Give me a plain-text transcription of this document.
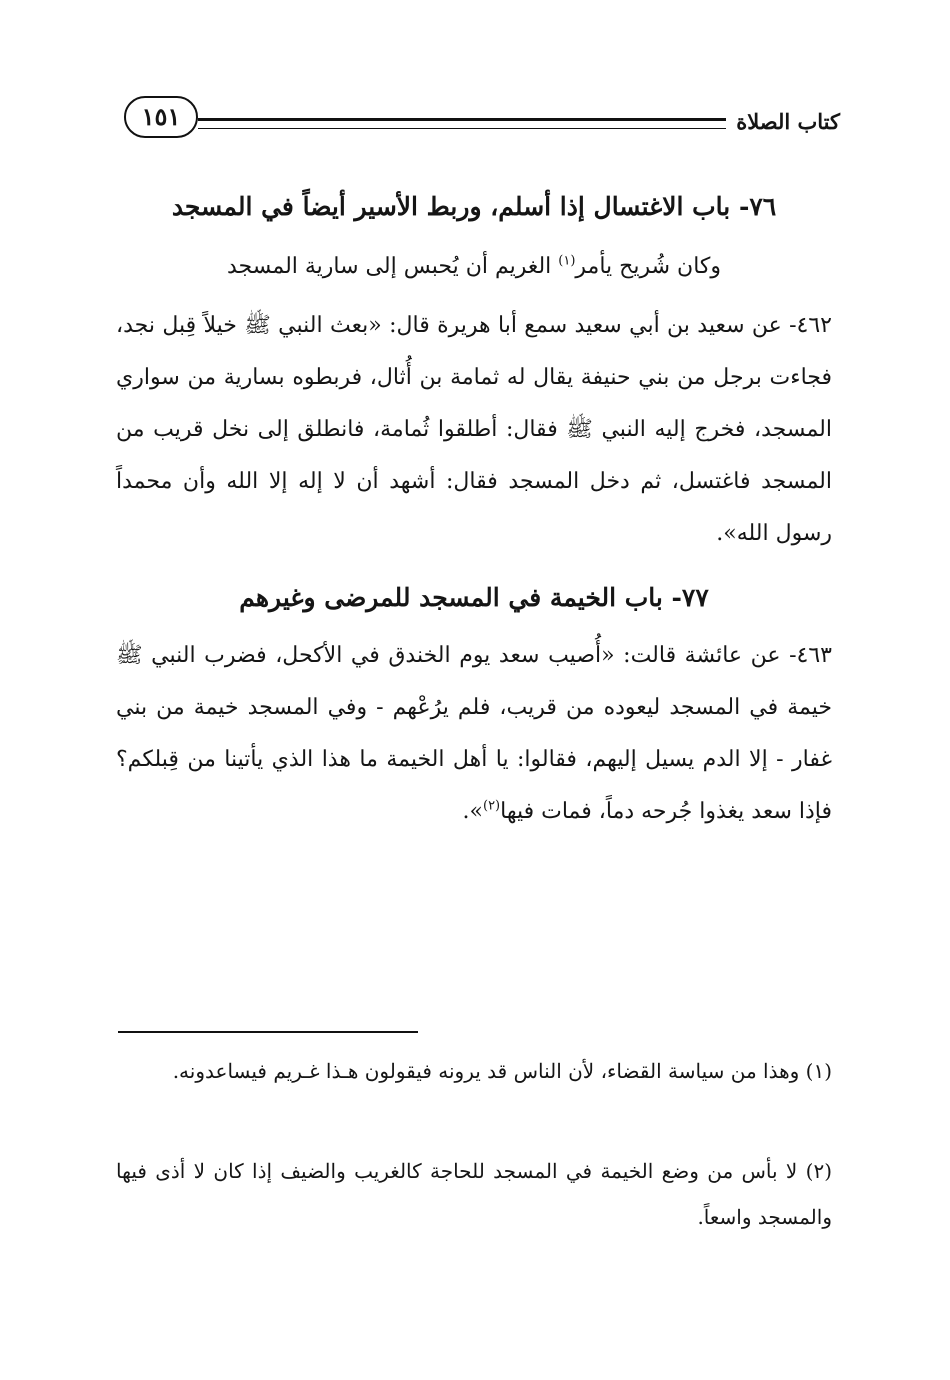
كتاب الصلاة
١٥١
٧٦- باب الاغتسال إذا أسلم، وربط الأسير أيضاً في المسجد
وكان شُريح يأمر$^{(١)}$ الغريم أن يُحبس إلى سارية المسجد

٤٦٢- عن سعيد بن أبي سعيد سمع أبا هريرة قال: «بعث النبي ﷺ خيلاً قِبل نجد، فجاءت برجل من بني حنيفة يقال له ثمامة بن أُثال، فربطوه بسارية من سواري المسجد، فخرج إليه النبي ﷺ فقال: أطلقوا ثُمامة، فانطلق إلى نخل قريب من المسجد فاغتسل، ثم دخل المسجد فقال: أشهد أن لا إله إلا الله وأن محمداً رسول الله».

٧٧- باب الخيمة في المسجد للمرضى وغيرهم

٤٦٣- عن عائشة قالت: «أُصيب سعد يوم الخندق في الأكحل، فضرب النبي ﷺ خيمة في المسجد ليعوده من قريب، فلم يرُعْهم - وفي المسجد خيمة من بني غفار - إلا الدم يسيل إليهم، فقالوا: يا أهل الخيمة ما هذا الذي يأتينا من قِبلكم؟ فإذا سعد يغذوا جُرحه دماً، فمات فيها$^{(٢)}$».

(١) وهذا من سياسة القضاء، لأن الناس قد يرونه فيقولون هـذا غـريم فيساعدونه.

(٢) لا بأس من وضع الخيمة في المسجد للحاجة كالغريب والضيف إذا كان لا أذى فيها والمسجد واسعاً.
